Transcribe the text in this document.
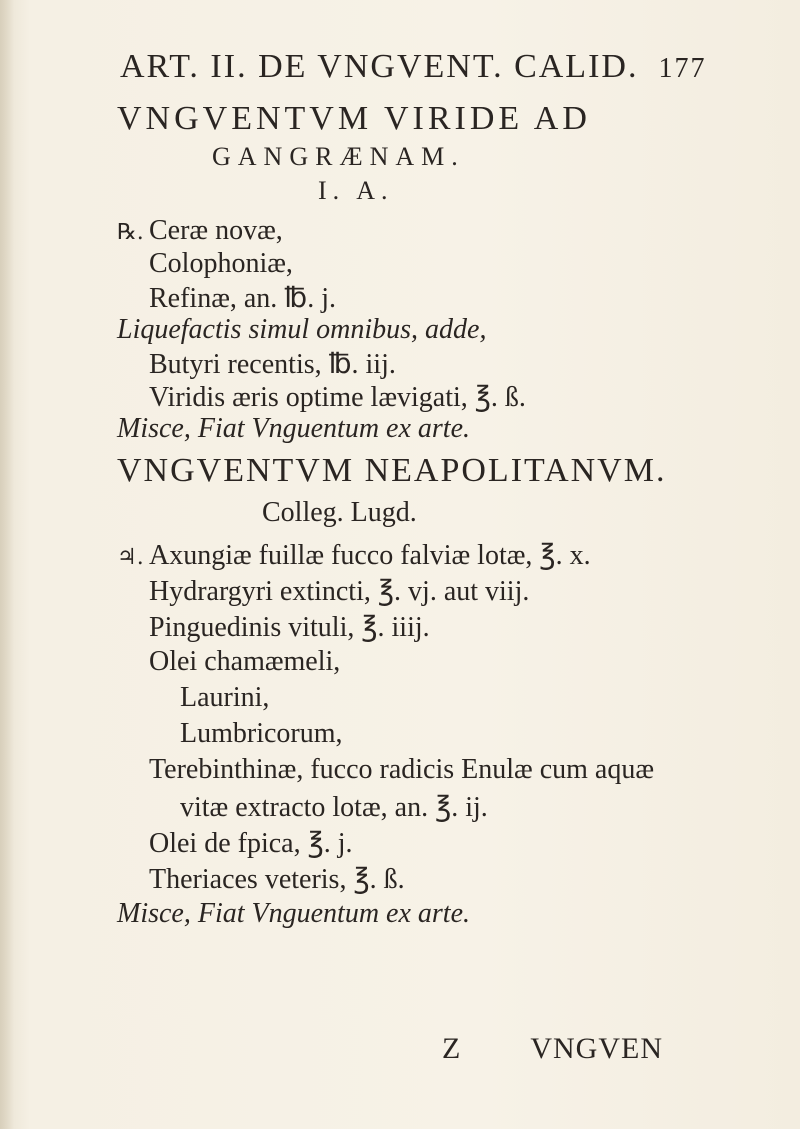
ART. II. DE VNGVENT. CALID. 177
VNGVENTVM VIRIDE AD
GANGRÆNAM.
I. A.
℞. Ceræ novæ,
Colophoniæ,
Refinæ, an. ℔. j.
Liquefactis simul omnibus, adde,
Butyri recentis, ℔. iij.
Viridis æris optime lævigati, ℥. ß.
Misce, Fiat Vnguentum ex arte.
VNGVENTVM NEAPOLITANVM.
Colleg. Lugd.
♃. Axungiæ fuillæ fucco falviæ lotæ, ℥. x.
Hydrargyri extincti, ℥. vj. aut viij.
Pinguedinis vituli, ℥. iiij.
Olei chamæmeli,
Laurini,
Lumbricorum,
Terebinthinæ, fucco radicis Enulæ cum aquæ
vitæ extracto lotæ, an. ℥. ij.
Olei de fpica, ℥. j.
Theriaces veteris, ℥. ß.
Misce, Fiat Vnguentum ex arte.
Z VNGVEN
